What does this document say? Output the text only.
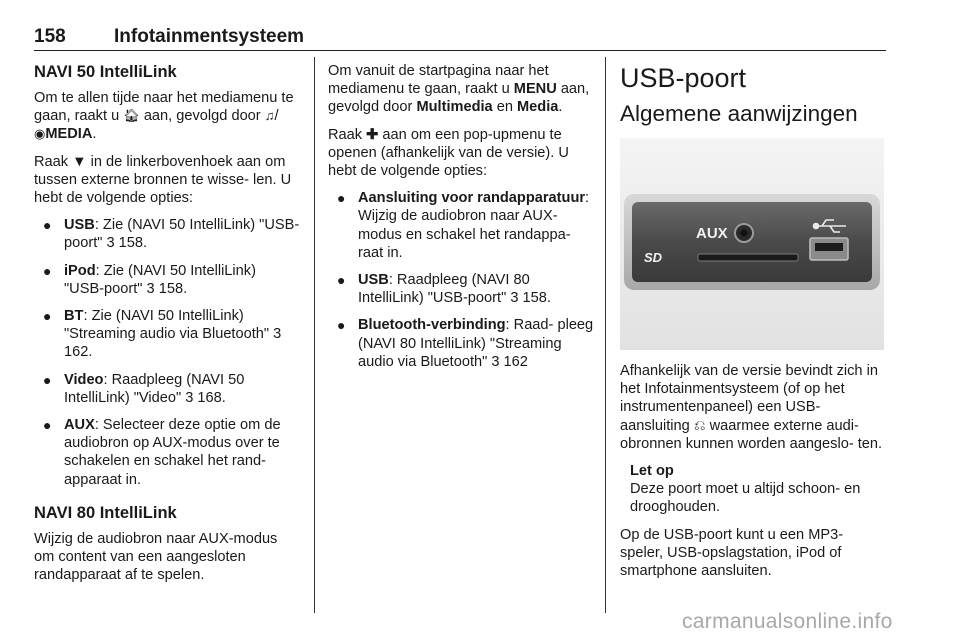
158	Infotainmentsysteem
NAVI 50 IntelliLink

Om te allen tijde naar het mediamenu te gaan, raakt u 🏠︎ aan, gevolgd door ♫/◉MEDIA.

Raak ▼ in de linkerbovenhoek aan om tussen externe bronnen te wisse‐ len. U hebt de volgende opties:

● USB: Zie (NAVI 50 IntelliLink) "USB-poort" 3 158.
● iPod: Zie (NAVI 50 IntelliLink) "USB-poort" 3 158.
● BT: Zie (NAVI 50 IntelliLink) "Streaming audio via Bluetooth" 3 162.
● Video: Raadpleeg (NAVI 50 IntelliLink) "Video" 3 168.
● AUX: Selecteer deze optie om de audiobron op AUX-modus over te schakelen en schakel het rand‐ apparaat in.
NAVI 80 IntelliLink

Wijzig de audiobron naar AUX-modus om content van een aangesloten randapparaat af te spelen.

Om vanuit de startpagina naar het mediamenu te gaan, raakt u MENU aan, gevolgd door Multimedia en Media.

Raak ✚ aan om een pop-upmenu te openen (afhankelijk van de versie). U hebt de volgende opties:

● Aansluiting voor randapparatuur: Wijzig de audiobron naar AUX- modus en schakel het randappa‐ raat in.
● USB: Raadpleeg (NAVI 80 IntelliLink) "USB-poort" 3 158.
● Bluetooth-verbinding: Raad‐ pleeg (NAVI 80 IntelliLink) "Streaming audio via Bluetooth" 3 162
USB-poort
Algemene aanwijzingen
AUX
SD

Afhankelijk van de versie bevindt zich in het Infotainmentsysteem (of op het instrumentenpaneel) een USB- aansluiting ⎌ waarmee externe audi‐ obronnen kunnen worden aangeslo‐ ten.

Let op
Deze poort moet u altijd schoon- en drooghouden.

Op de USB-poort kunt u een MP3- speler, USB-opslagstation, iPod of smartphone aansluiten.

carmanualsonline.info
